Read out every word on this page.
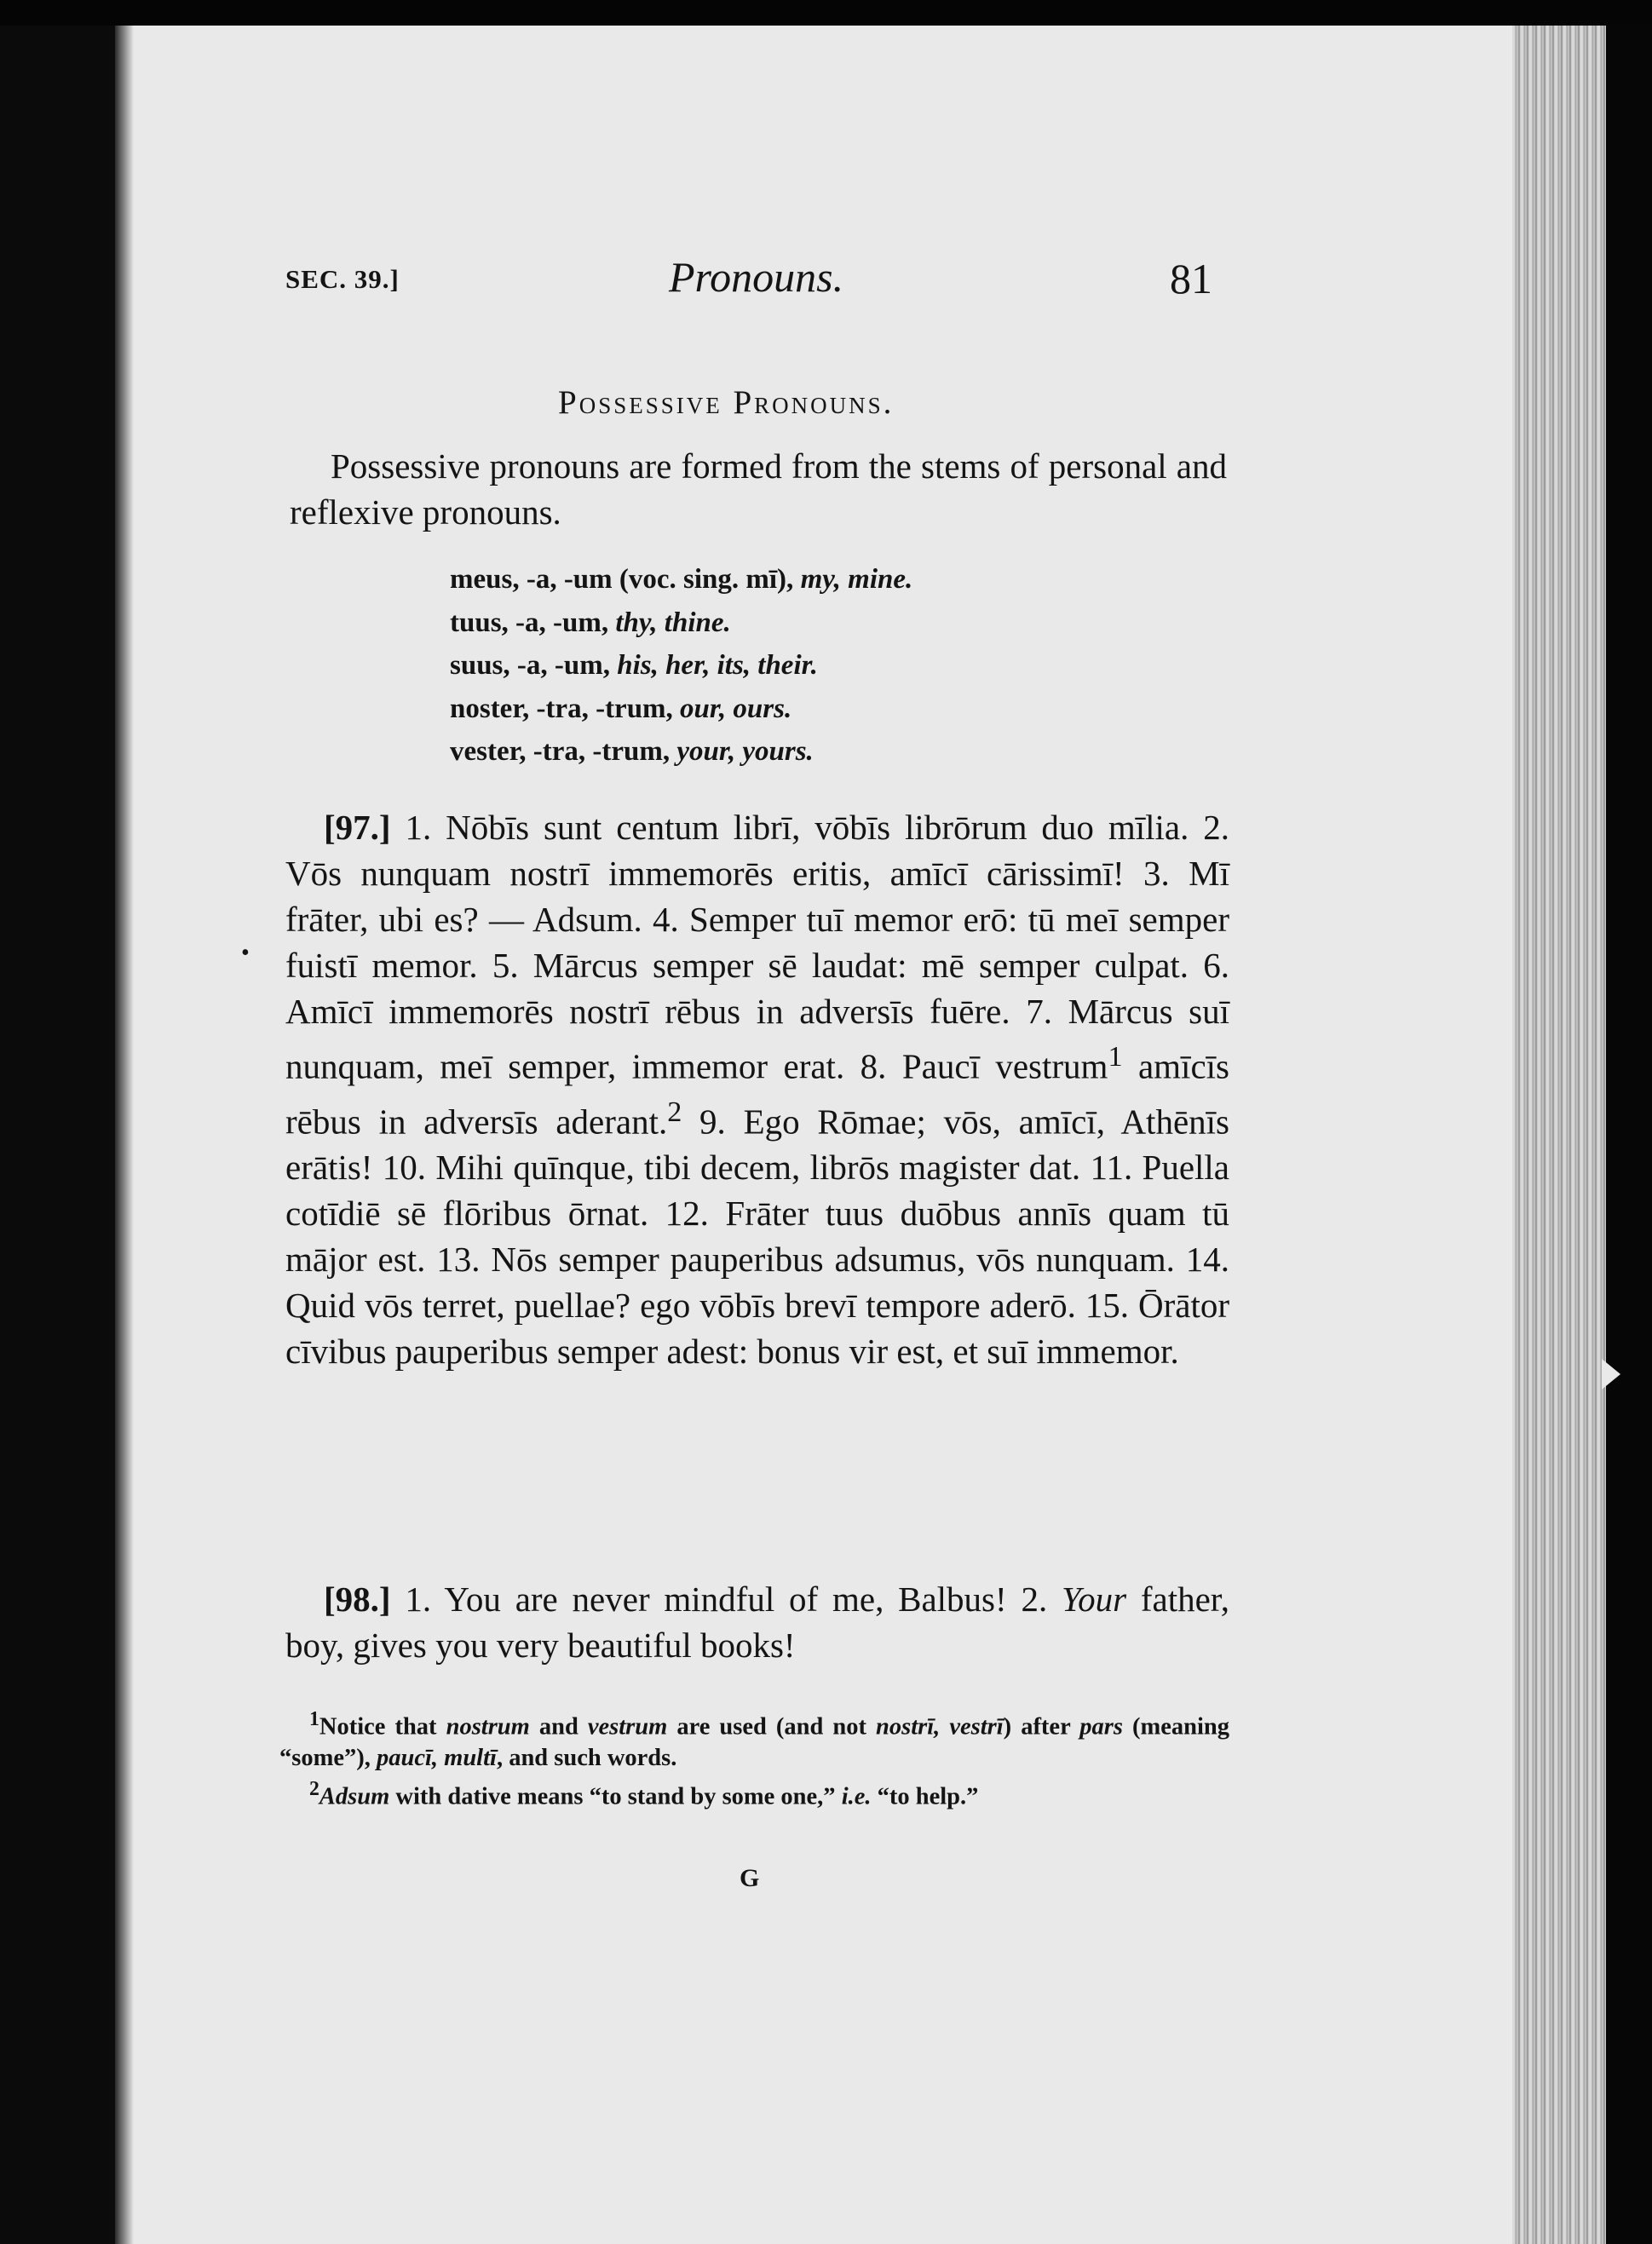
SEC. 39.]	Pronouns.	81
Possessive Pronouns.
Possessive pronouns are formed from the stems of personal and reflexive pronouns.
meus, -a, -um (voc. sing. mī), my, mine.
tuus, -a, -um, thy, thine.
suus, -a, -um, his, her, its, their.
noster, -tra, -trum, our, ours.
vester, -tra, -trum, your, yours.
•
[97.] 1. Nōbīs sunt centum librī, vōbīs librōrum duo mīlia. 2. Vōs nunquam nostrī immemorēs eritis, amīcī cārissimī! 3. Mī frāter, ubi es? — Adsum. 4. Semper tuī memor erō: tū meī semper fuistī memor. 5. Mārcus semper sē laudat: mē semper culpat. 6. Amīcī immemorēs nostrī rēbus in adversīs fuēre. 7. Mārcus suī nunquam, meī semper, immemor erat. 8. Paucī vestrum$^1$ amīcīs rēbus in adversīs aderant.$^2$ 9. Ego Rōmae; vōs, amīcī, Athēnīs erātis! 10. Mihi quīnque, tibi decem, librōs magister dat. 11. Puella cotīdiē sē flōribus ōrnat. 12. Frāter tuus duōbus annīs quam tū mājor est. 13. Nōs semper pauperibus adsumus, vōs nunquam. 14. Quid vōs terret, puellae? ego vōbīs brevī tempore aderō. 15. Ōrātor cīvibus pauperibus semper adest: bonus vir est, et suī immemor.
[98.] 1. You are never mindful of me, Balbus! 2. Your father, boy, gives you very beautiful books!

$^1$Notice that nostrum and vestrum are used (and not nostrī, vestrī) after pars (meaning “some”), paucī, multī, and such words.

$^2$Adsum with dative means “to stand by some one,” i.e. “to help.”

G
